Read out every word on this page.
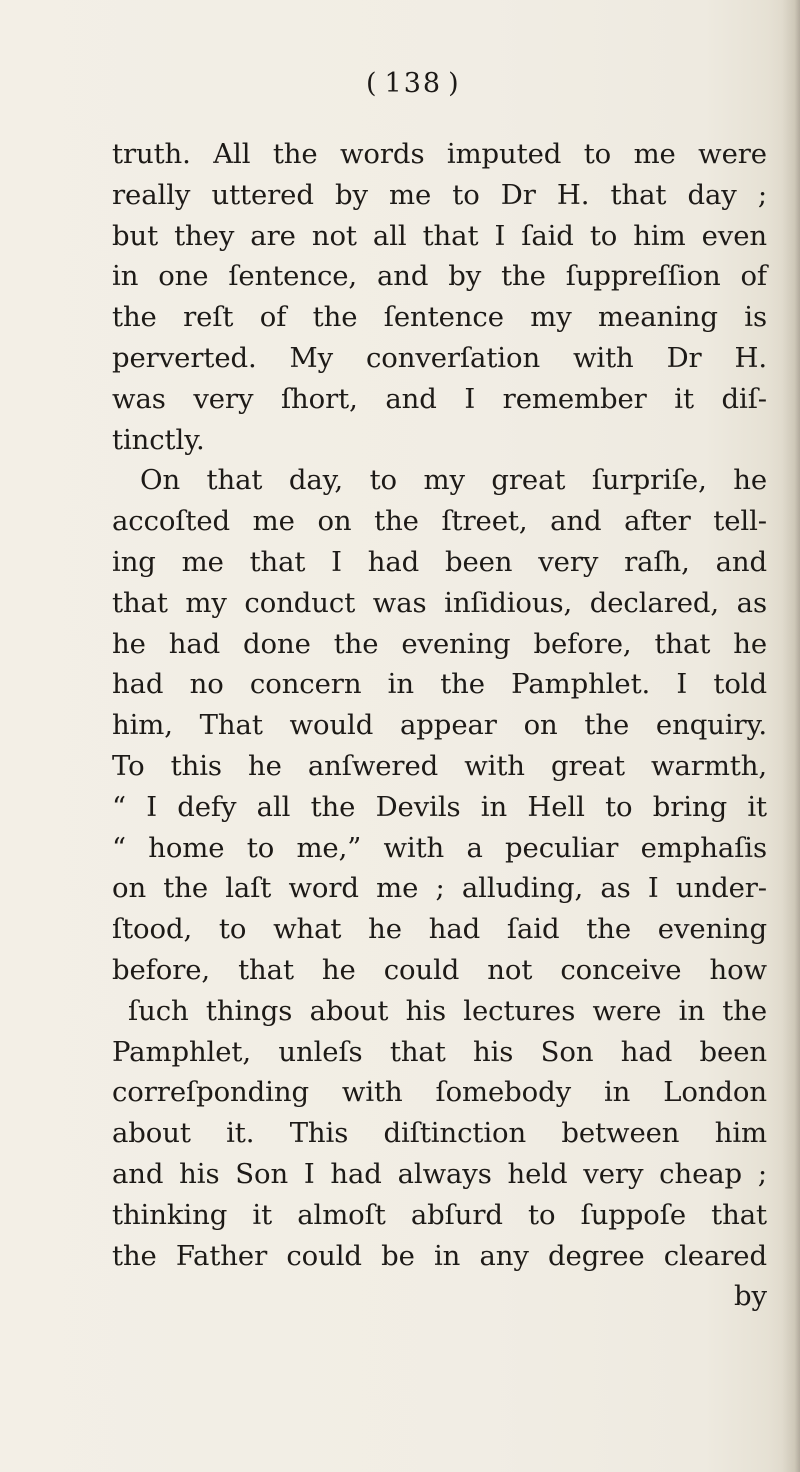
( 138 )
truth. All the words imputed to me were
really uttered by me to Dr H. that day ;
but they are not all that I ſaid to him even
in one ſentence, and by the ſuppreſſion of
the reſt of the ſentence my meaning is
perverted. My converſation with Dr H.
was very ſhort, and I remember it diſ-
tinctly.
On that day, to my great ſurpriſe, he
accoſted me on the ſtreet, and after tell-
ing me that I had been very raſh, and
that my conduct was inſidious, declared, as
he had done the evening before, that he
had no concern in the Pamphlet. I told
him, That would appear on the enquiry.
To this he anſwered with great warmth,
“ I defy all the Devils in Hell to bring it
“ home to me,” with a peculiar emphaſis
on the laſt word me ; alluding, as I under-
ſtood, to what he had ſaid the evening
before, that he could not conceive how
ſuch things about his lectures were in the
Pamphlet, unleſs that his Son had been
correſponding with ſomebody in London
about it. This diſtinction between him
and his Son I had always held very cheap ;
thinking it almoſt abſurd to ſuppoſe that
the Father could be in any degree cleared
by
